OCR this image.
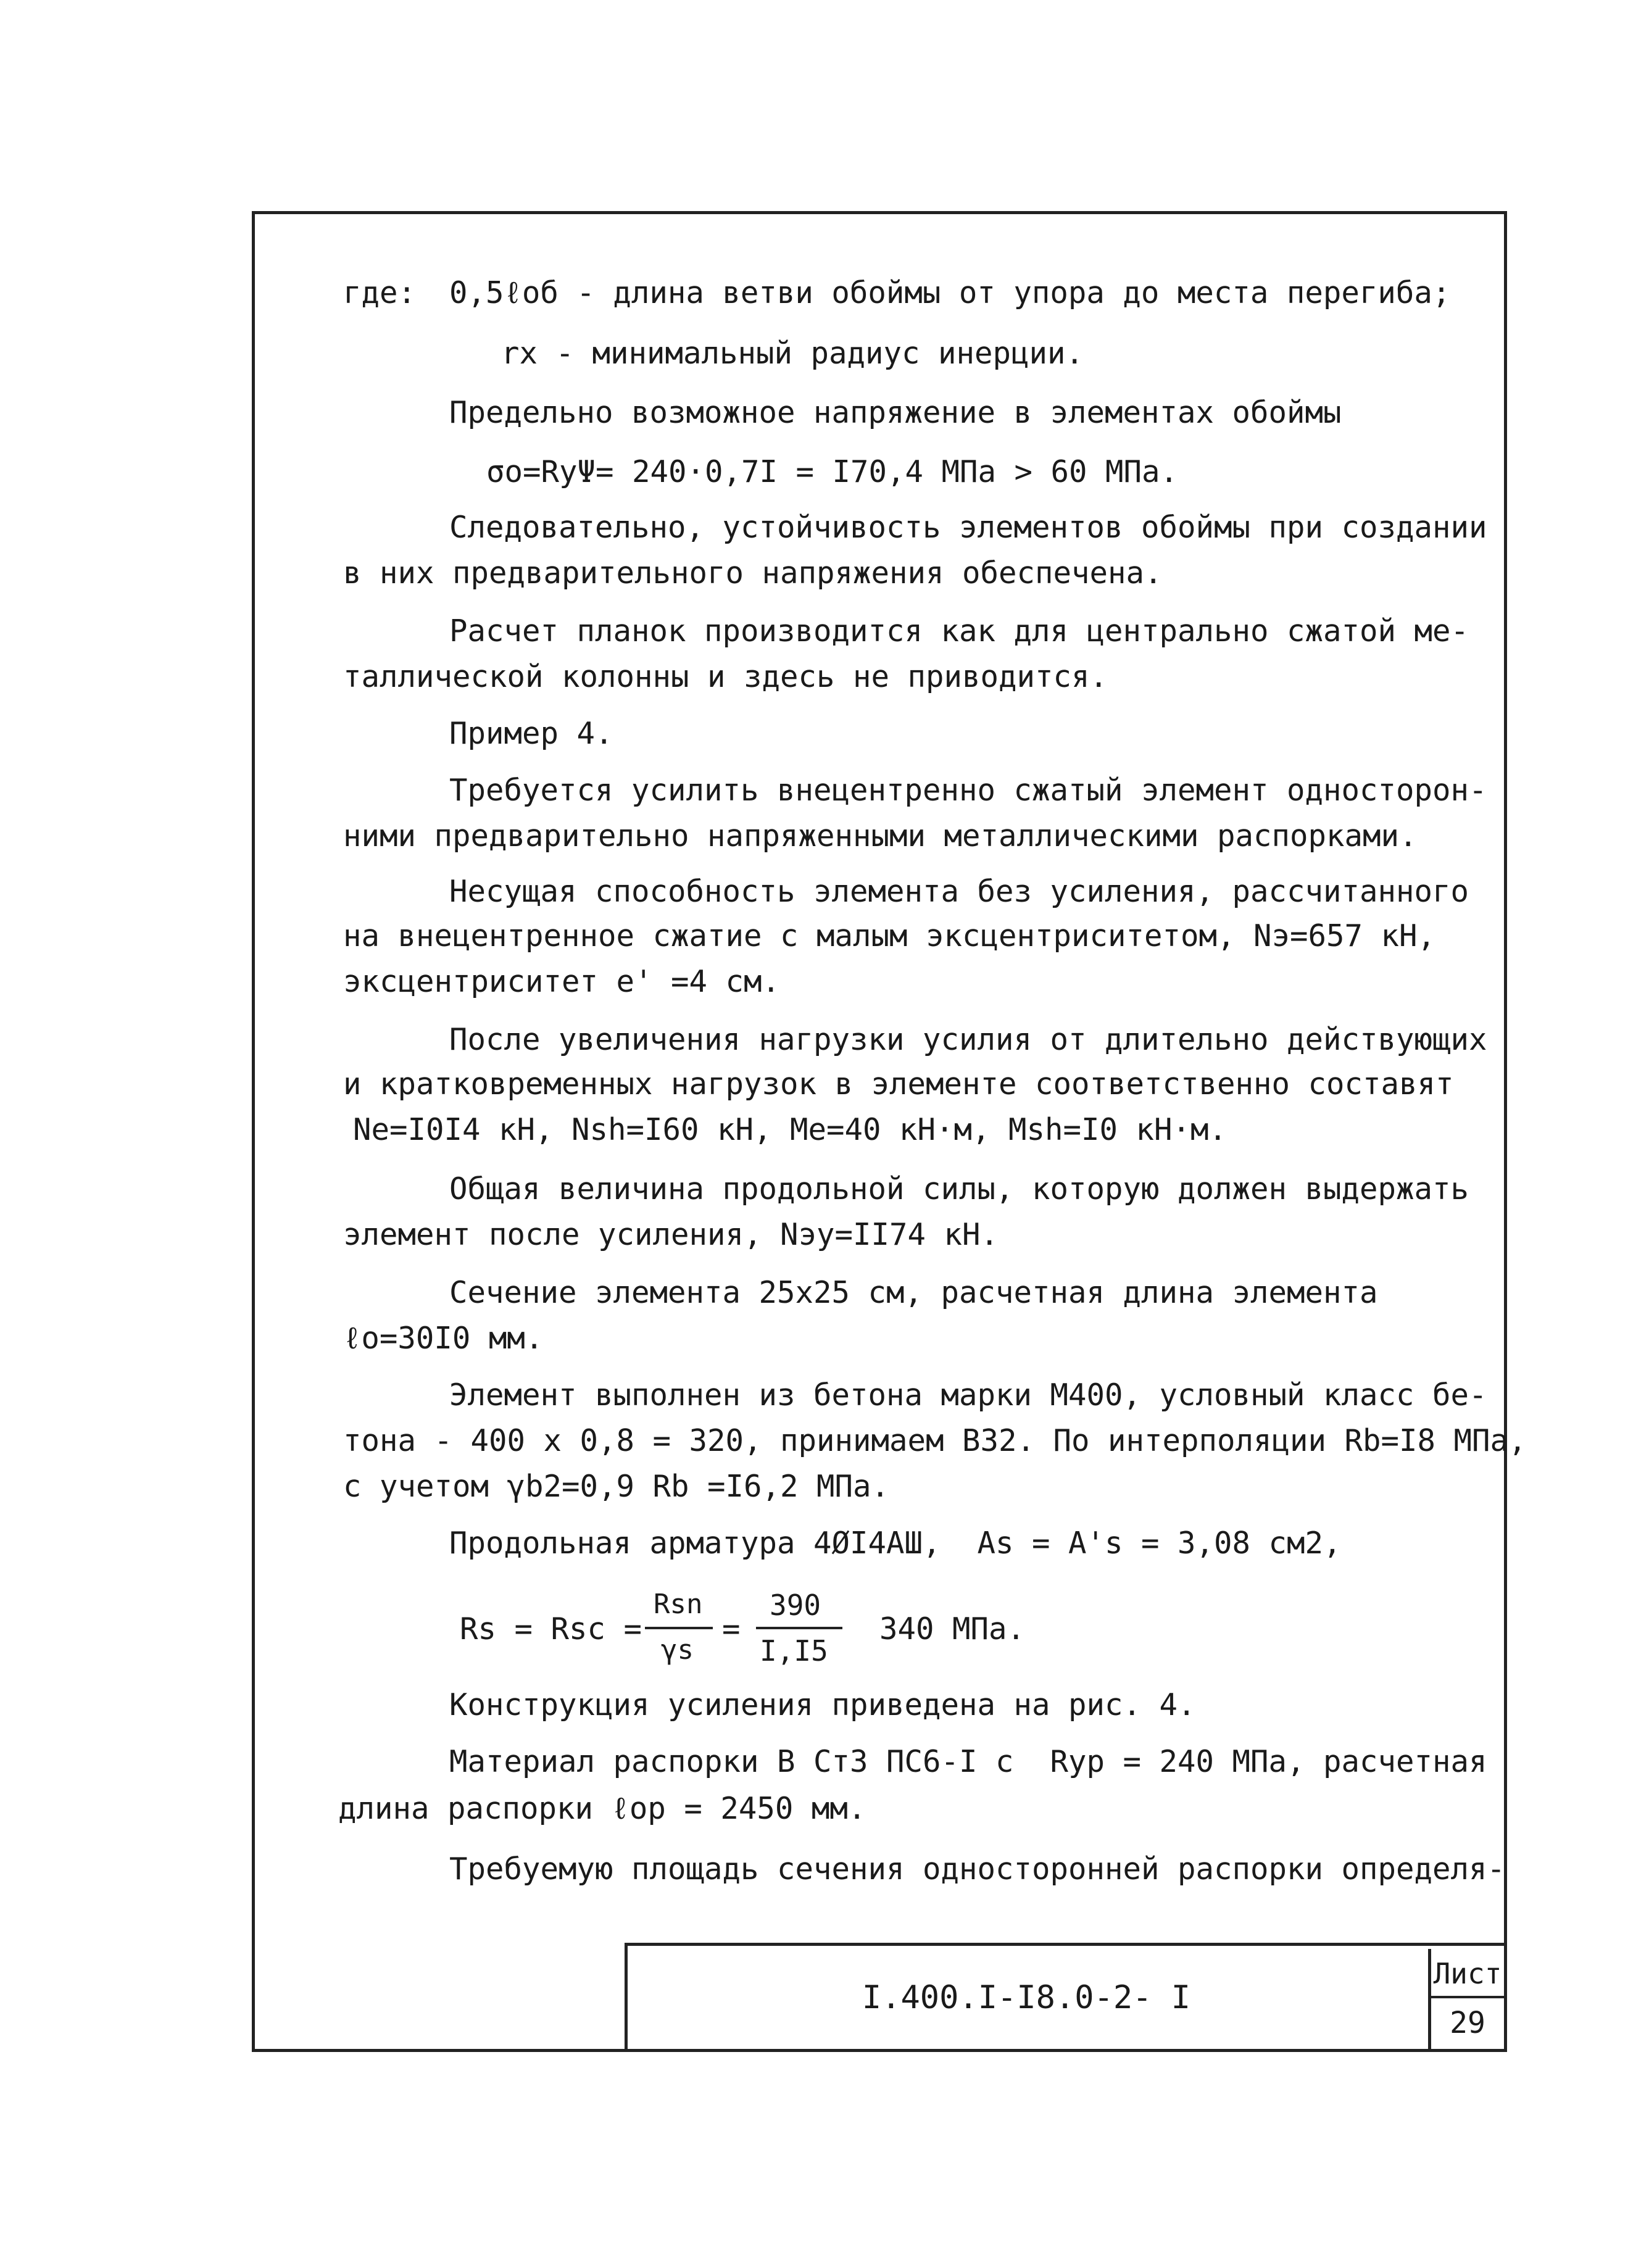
где: 0,5ℓоб - длина ветви обоймы от упора до места перегиба;
rх - минимальный радиус инерции.
Предельно возможное напряжение в элементах обоймы
σо=RуΨ= 240·0,7I = I70,4 МПа > 60 МПа.
Следовательно, устойчивость элементов обоймы при создании
в них предварительного напряжения обеспечена.
Расчет планок производится как для центрально сжатой ме-
таллической колонны и здесь не приводится.
Пример 4.
Требуется усилить внецентренно сжатый элемент односторон-
ними предварительно напряженными металлическими распорками.
Несущая способность элемента без усиления, рассчитанного
на внецентренное сжатие с малым эксцентриситетом, Nэ=657 кН,
эксцентриситет е' =4 см.
После увеличения нагрузки усилия от длительно действующих
и кратковременных нагрузок в элементе соответственно составят
Ne=I0I4 кН, Nsh=I60 кН, Me=40 кН·м, Msh=I0 кН·м.
Общая величина продольной силы, которую должен выдержать
элемент после усиления, Nэу=II74 кН.
Сечение элемента 25х25 см, расчетная длина элемента
ℓо=30I0 мм.
Элемент выполнен из бетона марки М400, условный класс бе-
тона - 400 х 0,8 = 320, принимаем В32. По интерполяции Rb=I8 МПа,
с учетом γb2=0,9 Rb =I6,2 МПа.
Продольная арматура 4ØI4АШ,  As = A's = 3,08 см2,
Rs = Rsc =
Rsn
γs
=
390
I,I5
340 МПа.
Конструкция усиления приведена на рис. 4.
Материал распорки В Ст3 ПС6-I с  Rур = 240 МПа, расчетная
длина распорки ℓор = 2450 мм.
Требуемую площадь сечения односторонней распорки определя-
I.400.I-I8.0-2- I
Лист
29
